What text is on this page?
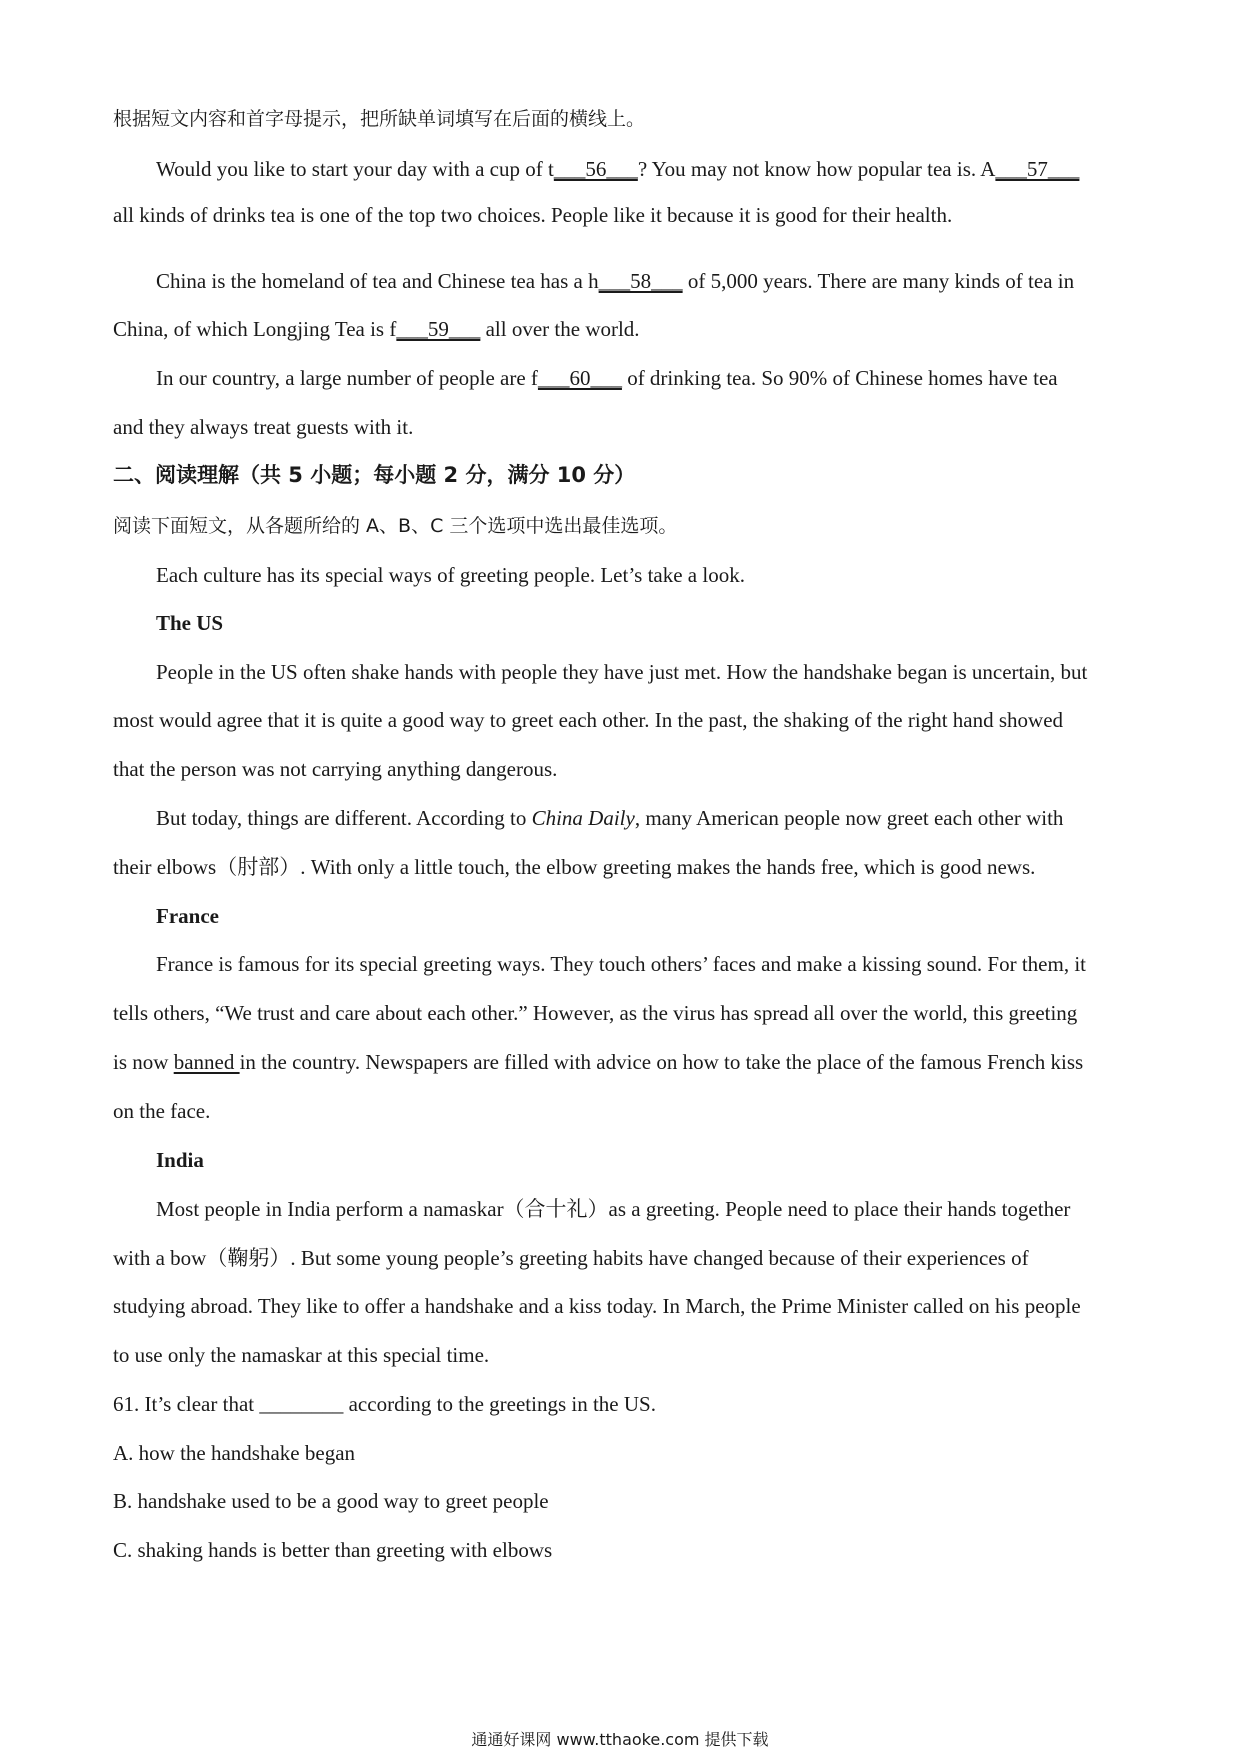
根据短文内容和首字母提示，把所缺单词填写在后面的横线上。
Would you like to start your day with a cup of t___56___? You may not know how popular tea is. A___57___
all kinds of drinks tea is one of the top two choices. People like it because it is good for their health.
China is the homeland of tea and Chinese tea has a h___58___ of 5,000 years. There are many kinds of tea in
China, of which Longjing Tea is f___59___ all over the world.
In our country, a large number of people are f___60___ of drinking tea. So 90% of Chinese homes have tea
and they always treat guests with it.
二、阅读理解（共 5 小题；每小题 2 分，满分 10 分）
阅读下面短文，从各题所给的 A、B、C 三个选项中选出最佳选项。
Each culture has its special ways of greeting people. Let’s take a look.
The US
People in the US often shake hands with people they have just met. How the handshake began is uncertain, but
most would agree that it is quite a good way to greet each other. In the past, the shaking of the right hand showed
that the person was not carrying anything dangerous.
But today, things are different. According to China Daily, many American people now greet each other with
their elbows（肘部）. With only a little touch, the elbow greeting makes the hands free, which is good news.
France
France is famous for its special greeting ways. They touch others’ faces and make a kissing sound. For them, it
tells others, “We trust and care about each other.” However, as the virus has spread all over the world, this greeting
is now banned in the country. Newspapers are filled with advice on how to take the place of the famous French kiss
on the face.
India
Most people in India perform a namaskar（合十礼）as a greeting. People need to place their hands together
with a bow（鞠躬）. But some young people’s greeting habits have changed because of their experiences of
studying abroad. They like to offer a handshake and a kiss today. In March, the Prime Minister called on his people
to use only the namaskar at this special time.
61. It’s clear that ________ according to the greetings in the US.
A. how the handshake began
B. handshake used to be a good way to greet people
C. shaking hands is better than greeting with elbows
通通好课网 www.tthaoke.com 提供下载
